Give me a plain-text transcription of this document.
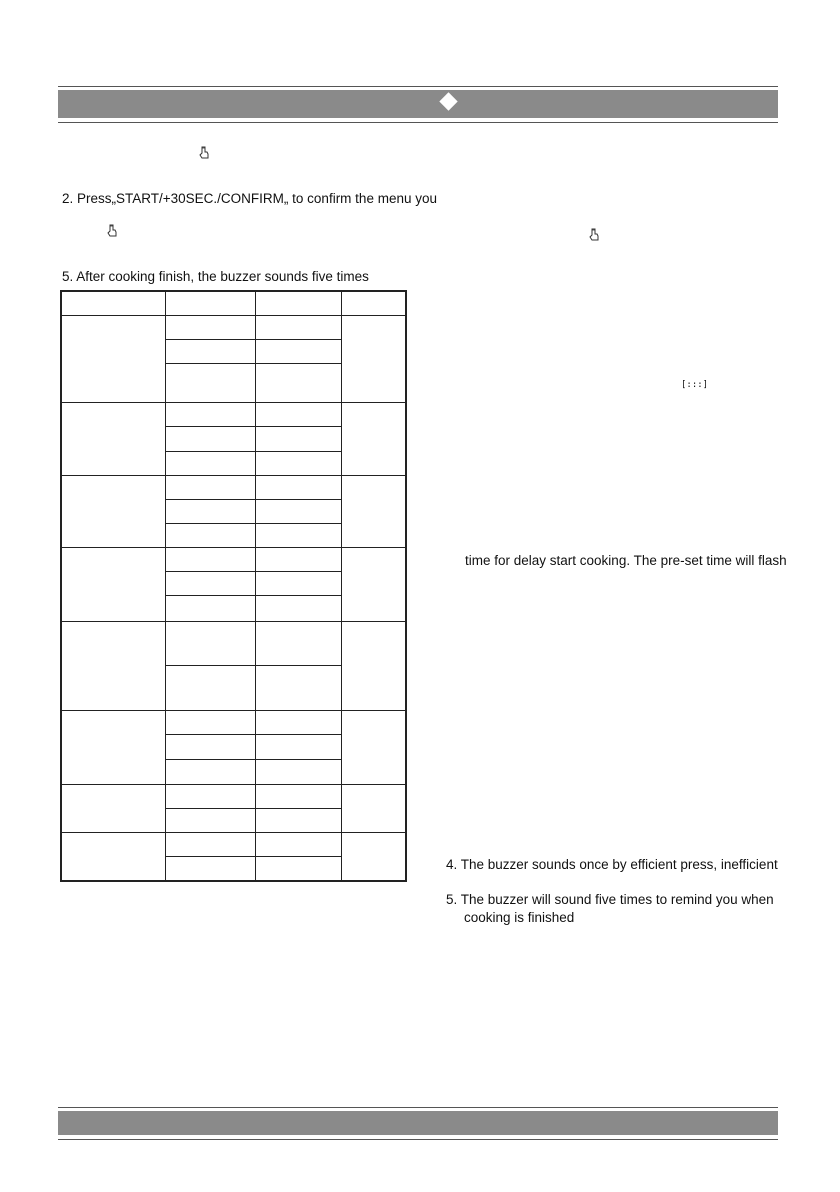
2. Press„START/+30SEC./CONFIRM„ to confirm the menu you
5. After cooking finish, the buzzer sounds five times

[:::]
time for delay start cooking. The pre-set time will flash
4. The buzzer sounds once by efficient press, inefficient
5. The buzzer will sound five times to remind you when
cooking is finished
